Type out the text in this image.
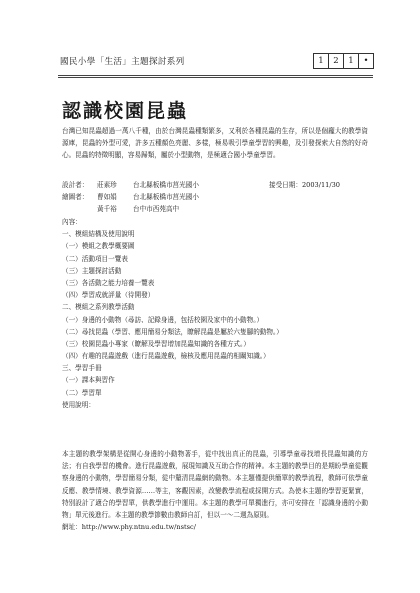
國民小學「生活」主題探討系列	1	2	1	•
認識校園昆蟲

台灣已知昆蟲超過一萬八千種，由於台灣昆蟲種類繁多，又利於各種昆蟲的生存，所以是個龐大的教學資源庫，昆蟲的外型可愛，許多五種顏色亮麗、多樣，極易吸引學童學習的興趣，及引發探索大自然的好奇心。昆蟲的特徵明顯，容易歸類，屬於小型動物，是極適合國小學童學習。

設計者： 莊素珍 台北縣板橋市莒光國小	接受日期：2003/11/30
繪圖者： 曹如娟 台北縣板橋市莒光國小
黃千裕 台中市西苑高中
內容：
一、模組結構及使用說明
（一）模組之教學概要圖
（二）活動項目一覽表
（三）主題探討活動
（三）各活動之能力培養一覽表
（四）學習成就評量（待開發）
二、模組之系列教學活動
（一）身邊的小動物（尋訪、記錄身邊，包括校園及家中的小動物。）
（二）尋找昆蟲（學習、應用簡易分類法，瞭解昆蟲是屬於六隻腳的動物。）
（三）校園昆蟲小專家（瞭解及學習增加昆蟲知識的各種方式。）
（四）有趣的昆蟲遊戲（進行昆蟲遊戲，檢核及應用昆蟲的相關知識。）
三、學習手冊
（一）課本與習作
（二）學習單
使用說明：

本主題的教學架構是從開心身邊的小動物著手，從中找出真正的昆蟲，引導學童尋找增長昆蟲知識的方法；有自我學習的機會。進行昆蟲遊戲，展現知識及互助合作的精神。本主題的教學目的是期盼學童從觀察身邊的小動物，學習簡易分類，從中釐清昆蟲網的動物。本主題僅提供簡單的教學流程，教師可依學童反應、教學情境、教學資源……等主，客觀因素，改變教學流程或採開方式。為使本主題的學習更緊實，特別設計了適合的學習單，供教學進行中運用。本主題的教學可單獨進行，亦可安排在「認識身邊的小動物」單元後進行。本主題的教學節數由教師自訂，但以一～二週為原則。

網址：http://www.phy.ntnu.edu.tw/nstsc/
